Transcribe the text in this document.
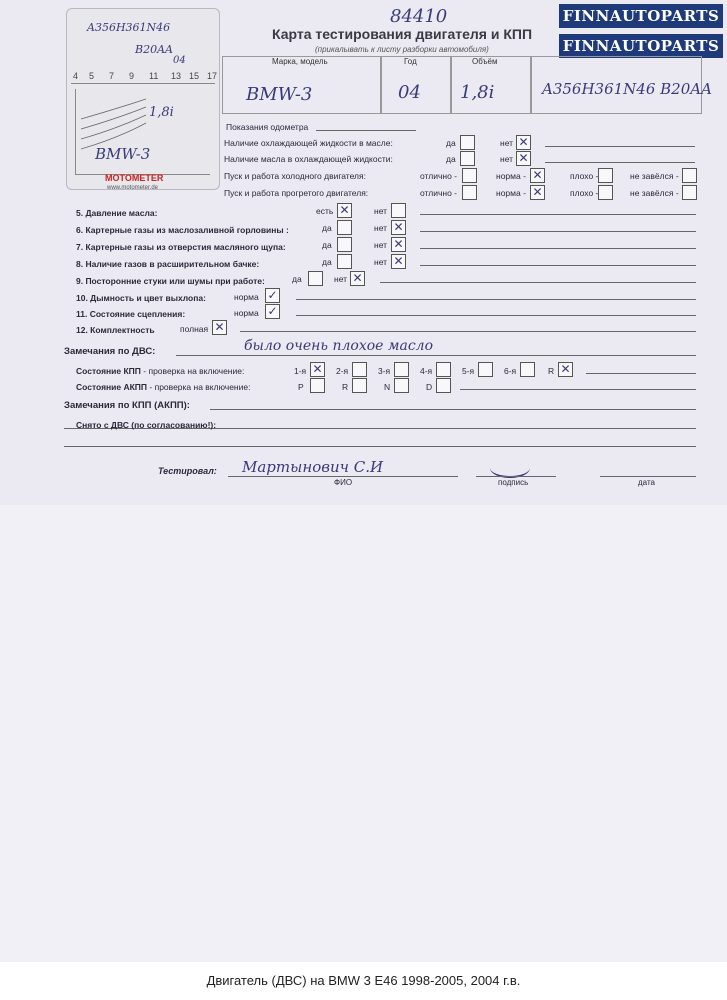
FINNAUTOPARTS
FINNAUTOPARTS
84410
Карта тестирования двигателя и КПП
(прикалывать к листу разборки автомобиля)
A356H361N46
B20AA
04
4 5 7 9 11 13 15 17
1,8i
BMW-3
MOTOMETER
www.motometer.de
Марка, модель	Год	Объём
BMW-3	04 1,8i	A356H361N46 B20AA
Показания одометра
Наличие охлаждающей жидкости в масле:	да	нет ✕
Наличие масла в охлаждающей жидкости:	да	нет ✕
Пуск и работа холодного двигателя:	отлично -	норма - ✕	плохо -	не завёлся -
Пуск и работа прогретого двигателя:	отлично -	норма - ✕	плохо -	не завёлся -
5. Давление масла:	есть ✕	нет
6. Картерные газы из маслозаливной горловины :	да	нет ✕
7. Картерные газы из отверстия масляного щупа:	да	нет ✕
8. Наличие газов в расширительном бачке:	да	нет ✕
9. Посторонние стуки или шумы при работе:	да	нет ✕
10. Дымность и цвет выхлопа:	норма ✓
11. Состояние сцепления:	норма ✓
12. Комплектность	полная ✕
Замечания по ДВС:	было очень плохое масло
Состояние КПП - проверка на включение:	1-я ✕ 2-я	3-я	4-я	5-я	6-я	R ✕
Состояние АКПП - проверка на включение:	P	R	N	D
Замечания по КПП (АКПП):
Снято с ДВС (по согласованию!):
Тестировал: Мартынович С.И
ФИО	подпись	дата
Двигатель (ДВС) на BMW 3 E46 1998-2005, 2004 г.в.
